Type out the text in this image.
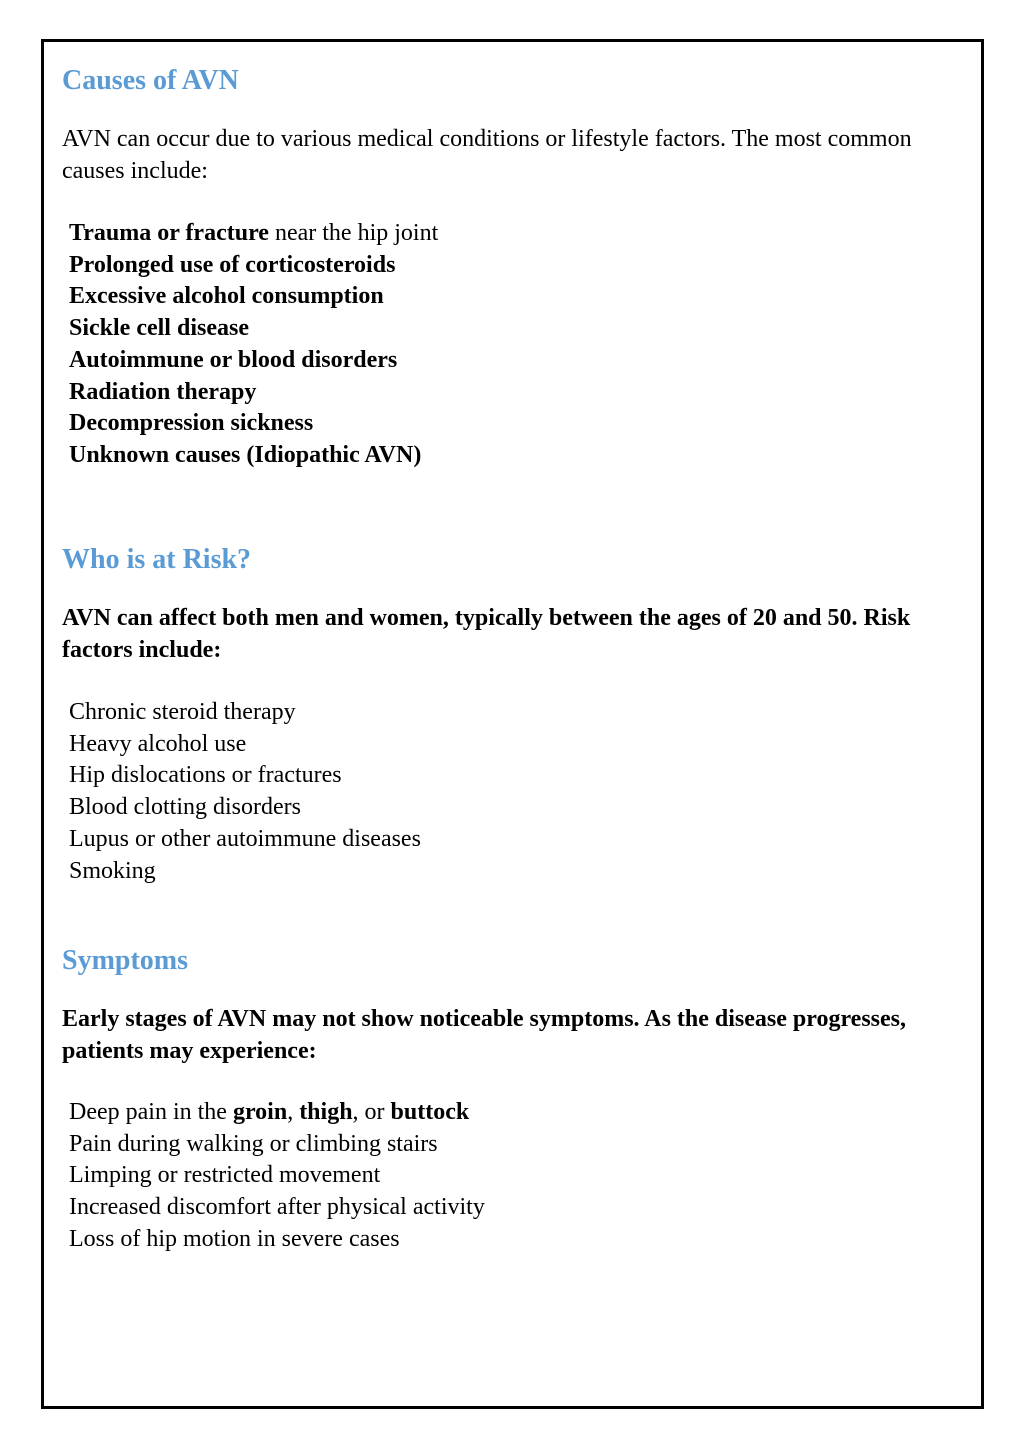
Causes of AVN

AVN can occur due to various medical conditions or lifestyle factors. The most common causes include:

Trauma or fracture near the hip joint
Prolonged use of corticosteroids
Excessive alcohol consumption
Sickle cell disease
Autoimmune or blood disorders
Radiation therapy
Decompression sickness
Unknown causes (Idiopathic AVN)
Who is at Risk?

AVN can affect both men and women, typically between the ages of 20 and 50. Risk factors include:

Chronic steroid therapy
Heavy alcohol use
Hip dislocations or fractures
Blood clotting disorders
Lupus or other autoimmune diseases
Smoking
Symptoms

Early stages of AVN may not show noticeable symptoms. As the disease progresses, patients may experience:

Deep pain in the groin, thigh, or buttock
Pain during walking or climbing stairs
Limping or restricted movement
Increased discomfort after physical activity
Loss of hip motion in severe cases
